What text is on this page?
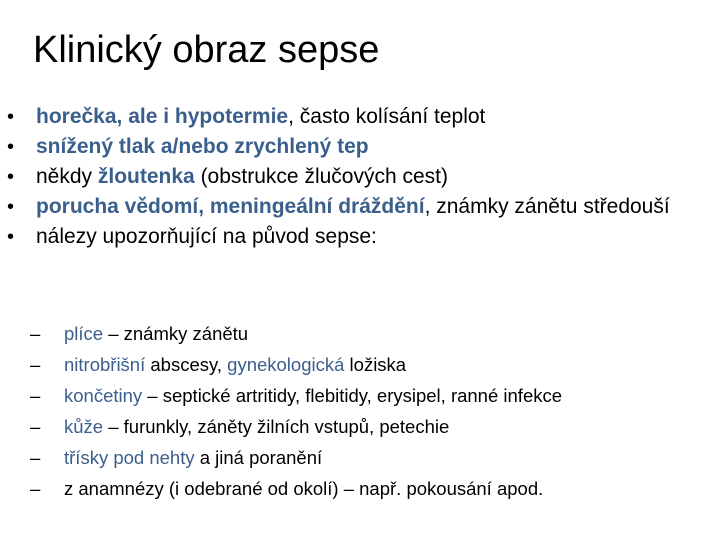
Klinický obraz sepse
• horečka, ale i hypotermie, často kolísání teplot
• snížený tlak a/nebo zrychlený tep
• někdy žloutenka (obstrukce žlučových cest)
• porucha vědomí, meningeální dráždění, známky zánětu středouší
• nálezy upozorňující na původ sepse:
– plíce – známky zánětu
– nitrobřišní abscesy, gynekologická ložiska
– končetiny – septické artritidy, flebitidy, erysipel, ranné infekce
– kůže – furunkly, záněty žilních vstupů, petechie
– třísky pod nehty a jiná poranění
– z anamnézy (i odebrané od okolí) – např. pokousání apod.
